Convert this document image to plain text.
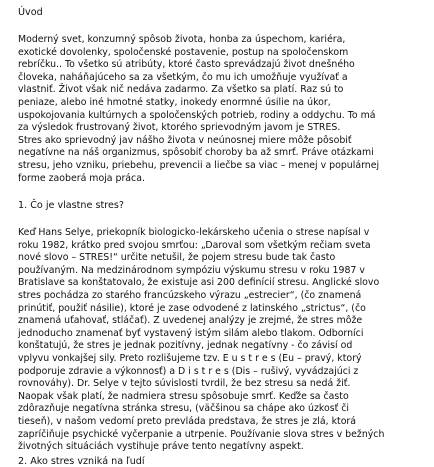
Úvod
Moderný svet, konzumný spôsob života, honba za úspechom, kariéra,
exotické dovolenky, spoločenské postavenie, postup na spoločenskom
rebríčku.. To všetko sú atribúty, ktoré často sprevádzajú život dnešného
človeka, naháňajúceho sa za všetkým, čo mu ich umožňuje využívať a
vlastniť. Život však nič nedáva zadarmo. Za všetko sa platí. Raz sú to
peniaze, alebo iné hmotné statky, inokedy enormné úsilie na úkor,
uspokojovania kultúrnych a spoločenských potrieb, rodiny a oddychu. To má
za výsledok frustrovaný život, ktorého sprievodným javom je STRES.
Stres ako sprievodný jav nášho života v neúnosnej miere môže pôsobiť
negatívne na náš organizmus, spôsobiť choroby ba až smrť. Práve otázkami
stresu, jeho vzniku, priebehu, prevencii a liečbe sa viac – menej v populárnej
forme zaoberá moja práca.
1. Čo je vlastne stres?
Keď Hans Selye, priekopník biologicko-lekárskeho učenia o strese napísal v
roku 1982, krátko pred svojou smrťou: „Daroval som všetkým rečiam sveta
nové slovo – STRES!“ určite netušil, že pojem stresu bude tak často
používaným. Na medzinárodnom sympóziu výskumu stresu v roku 1987 v
Bratislave sa konštatovalo, že existuje asi 200 definícií stresu. Anglické slovo
stres pochádza zo starého francúzskeho výrazu „estrecier“, (čo znamená
prinútiť, použiť násilie), ktoré je zase odvodené z latinského „strictus“, (čo
znamená uťahovať, stláčať). Z uvedenej analýzy je zrejmé, že stres môže
jednoducho znamenať byť vystavený istým silám alebo tlakom. Odborníci
konštatujú, že stres je jednak pozitívny, jednak negatívny - čo závisí od
vplyvu vonkajšej sily. Preto rozlišujeme tzv. E u s t r e s (Eu – pravý, ktorý
podporuje zdravie a výkonnosť) a D i s t r e s (Dis – rušivý, vyvádzajúci z
rovnováhy). Dr. Selye v tejto súvislosti tvrdil, že bez stresu sa nedá žiť.
Naopak však platí, že nadmiera stresu spôsobuje smrť. Keďže sa často
zdôrazňuje negatívna stránka stresu, (väčšinou sa chápe ako úzkosť či
tieseň), v našom vedomí preto prevláda predstava, že stres je zlá, ktorá
zapríčiňuje psychické vyčerpanie a utrpenie. Používanie slova stres v bežných
životných situáciách vystihuje práve tento negatívny aspekt.
2. Ako stres vzniká na ľudí
